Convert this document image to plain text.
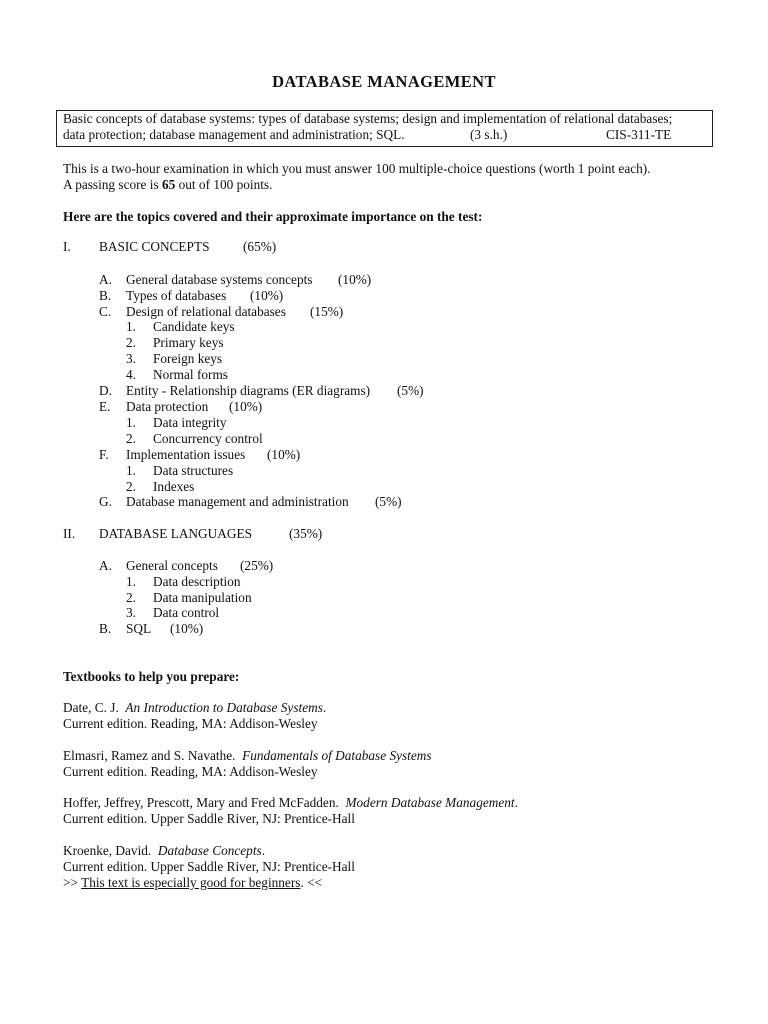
DATABASE MANAGEMENT
Basic concepts of database systems: types of database systems; design and implementation of relational databases;
data protection; database management and administration; SQL.	(3 s.h.)	CIS-311-TE
This is a two-hour examination in which you must answer 100 multiple-choice questions (worth 1 point each).
A passing score is 65 out of 100 points.
Here are the topics covered and their approximate importance on the test:
I. BASIC CONCEPTS	(65%)
A. General database systems concepts (10%)
B. Types of databases (10%)
C. Design of relational databases (15%)
1. Candidate keys
2. Primary keys
3. Foreign keys
4. Normal forms
D. Entity - Relationship diagrams (ER diagrams) (5%)
E. Data protection (10%)
1. Data integrity
2. Concurrency control
F. Implementation issues (10%)
1. Data structures
2. Indexes
G. Database management and administration (5%)
II. DATABASE LANGUAGES	(35%)
A. General concepts (25%)
1. Data description
2. Data manipulation
3. Data control
B. SQL (10%)
Textbooks to help you prepare:
Date, C. J. An Introduction to Database Systems.
Current edition. Reading, MA: Addison-Wesley
Elmasri, Ramez and S. Navathe. Fundamentals of Database Systems
Current edition. Reading, MA: Addison-Wesley
Hoffer, Jeffrey, Prescott, Mary and Fred McFadden. Modern Database Management.
Current edition. Upper Saddle River, NJ: Prentice-Hall
Kroenke, David. Database Concepts.
Current edition. Upper Saddle River, NJ: Prentice-Hall
>> This text is especially good for beginners. <<
